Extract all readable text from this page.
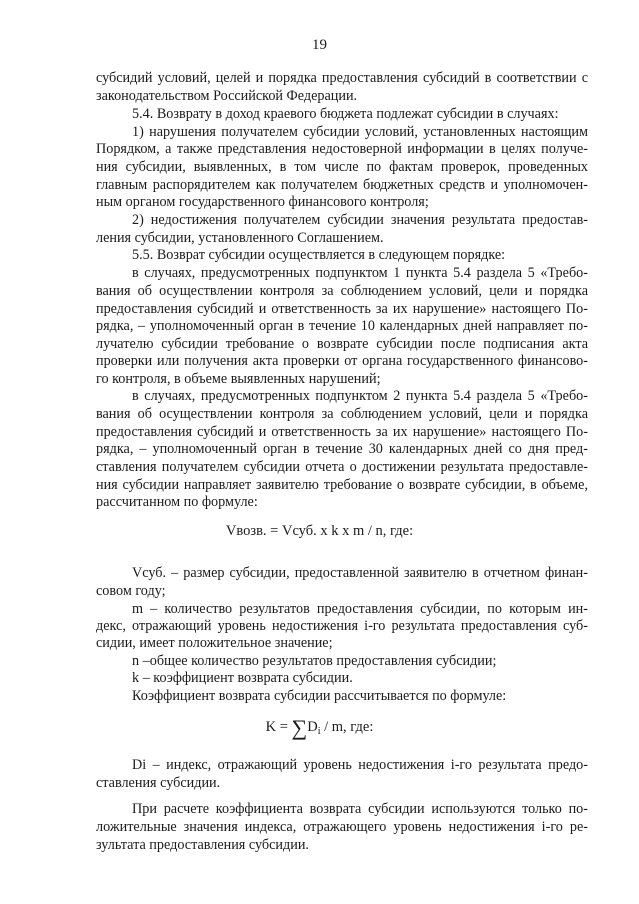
19
субсидий условий, целей и порядка предоставления субсидий в соответствии с
законодательством Российской Федерации.
5.4. Возврату в доход краевого бюджета подлежат субсидии в случаях:
1) нарушения получателем субсидии условий, установленных настоящим
Порядком, а также представления недостоверной информации в целях получе-
ния субсидии, выявленных, в том числе по фактам проверок, проведенных
главным распорядителем как получателем бюджетных средств и уполномочен-
ным органом государственного финансового контроля;
2) недостижения получателем субсидии значения результата предостав-
ления субсидии, установленного Соглашением.
5.5. Возврат субсидии осуществляется в следующем порядке:
в случаях, предусмотренных подпунктом 1 пункта 5.4 раздела 5 «Требо-
вания об осуществлении контроля за соблюдением условий, цели и порядка
предоставления субсидий и ответственность за их нарушение» настоящего По-
рядка, – уполномоченный орган в течение 10 календарных дней направляет по-
лучателю субсидии требование о возврате субсидии после подписания акта
проверки или получения акта проверки от органа государственного финансово-
го контроля, в объеме выявленных нарушений;
в случаях, предусмотренных подпунктом 2 пункта 5.4 раздела 5 «Требо-
вания об осуществлении контроля за соблюдением условий, цели и порядка
предоставления субсидий и ответственность за их нарушение» настоящего По-
рядка, – уполномоченный орган в течение 30 календарных дней со дня пред-
ставления получателем субсидии отчета о достижении результата предоставле-
ния субсидии направляет заявителю требование о возврате субсидии, в объеме,
рассчитанном по формуле:
Vсуб. – размер субсидии, предоставленной заявителю в отчетном финан-
совом году;
m – количество результатов предоставления субсидии, по которым ин-
декс, отражающий уровень недостижения i-го результата предоставления суб-
сидии, имеет положительное значение;
n –общее количество результатов предоставления субсидии;
k – коэффициент возврата субсидии.
Коэффициент возврата субсидии рассчитывается по формуле:
Di – индекс, отражающий уровень недостижения i-го результата предо-
ставления субсидии.
При расчете коэффициента возврата субсидии используются только по-
ложительные значения индекса, отражающего уровень недостижения i-го ре-
зультата предоставления субсидии.
Vвозв. = Vсуб. x k x m / n, где:
$K = \sum D_i / m$, где:
